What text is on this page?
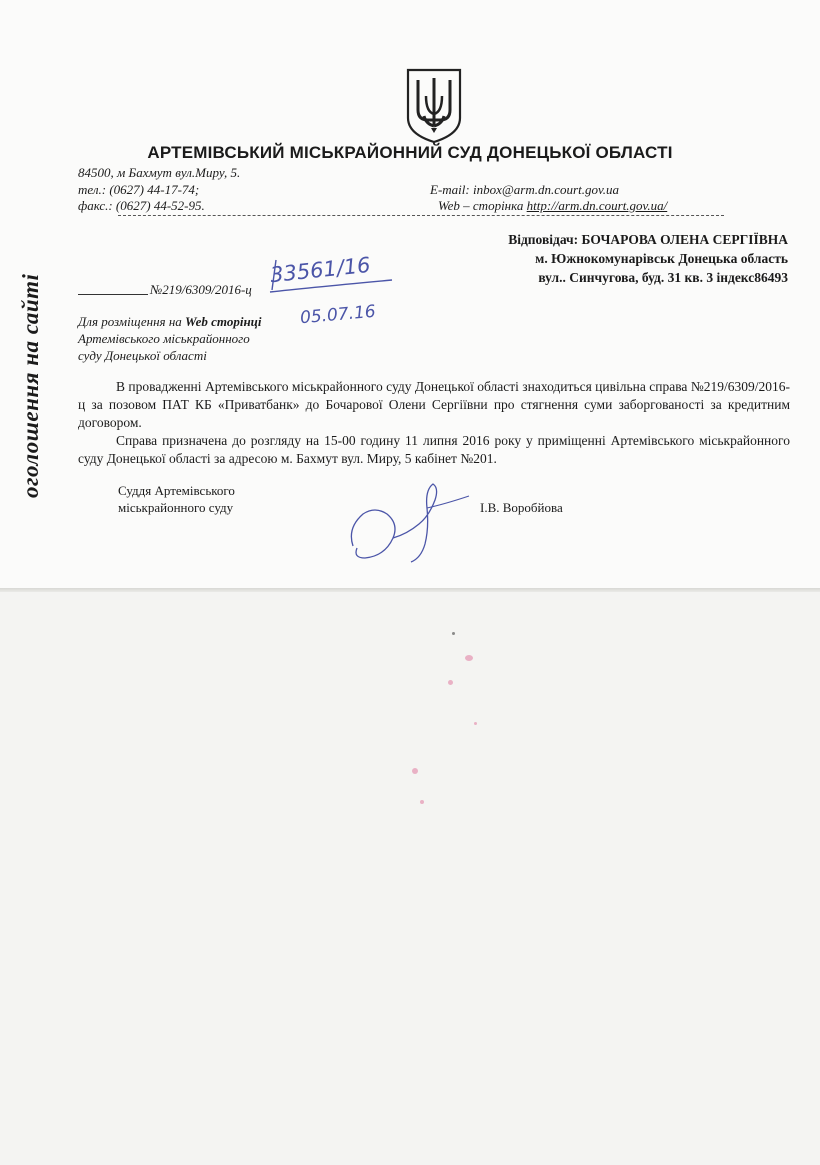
АРТЕМІВСЬКИЙ МІСЬКРАЙОННИЙ СУД ДОНЕЦЬКОЇ ОБЛАСТІ
84500, м Бахмут вул.Миру, 5.
тел.: (0627) 44-17-74;
факс.: (0627) 44-52-95.
E-mail: inbox@arm.dn.court.gov.ua
Web – сторінка http://arm.dn.court.gov.ua/
Відповідач: БОЧАРОВА ОЛЕНА СЕРГІЇВНА
м. Южнокомунарівськ Донецька область
вул.. Синчугова, буд. 31 кв. 3 індекс86493
№219/6309/2016-ц
33561/16
05.07.16
Для розміщення на Web сторінці
Артемівського міськрайонного
суду Донецької області

В провадженні Артемівського міськрайонного суду Донецької області знаходиться цивільна справа №219/6309/2016-ц за позовом ПАТ КБ «Приватбанк» до Бочарової Олени Сергіївни про стягнення суми заборгованості за кредитним договором.

Справа призначена до розгляду на 15-00 годину 11 липня 2016 року у приміщенні Артемівського міськрайонного суду Донецької області за адресою м. Бахмут вул. Миру, 5 кабінет №201.

Суддя Артемівського
міськрайонного суду	І.В. Воробйова
оголошення на сайті
